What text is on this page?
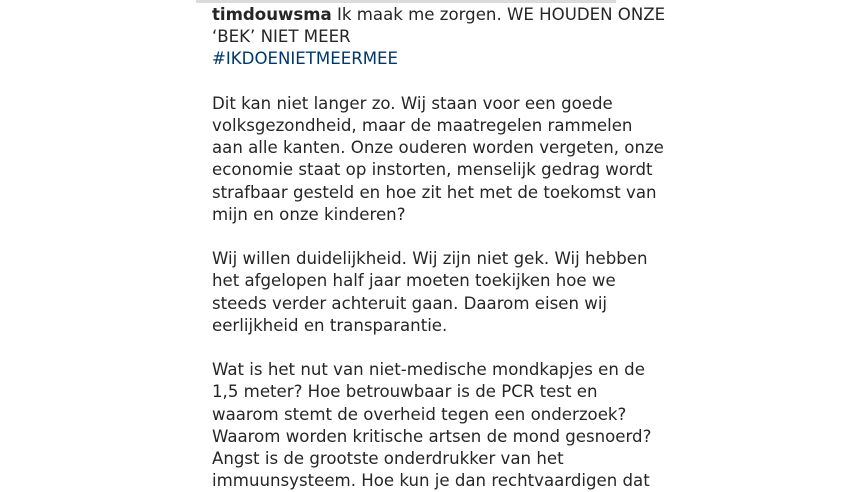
timdouwsma Ik maak me zorgen. WE HOUDEN ONZE
‘BEK’ NIET MEER
#IKDOENIETMEERMEE
Dit kan niet langer zo. Wij staan voor een goede
volksgezondheid, maar de maatregelen rammelen
aan alle kanten. Onze ouderen worden vergeten, onze
economie staat op instorten, menselijk gedrag wordt
strafbaar gesteld en hoe zit het met de toekomst van
mijn en onze kinderen?
Wij willen duidelijkheid. Wij zijn niet gek. Wij hebben
het afgelopen half jaar moeten toekijken hoe we
steeds verder achteruit gaan. Daarom eisen wij
eerlijkheid en transparantie.
Wat is het nut van niet-medische mondkapjes en de
1,5 meter? Hoe betrouwbaar is de PCR test en
waarom stemt de overheid tegen een onderzoek?
Waarom worden kritische artsen de mond gesnoerd?
Angst is de grootste onderdrukker van het
immuunsysteem. Hoe kun je dan rechtvaardigen dat
